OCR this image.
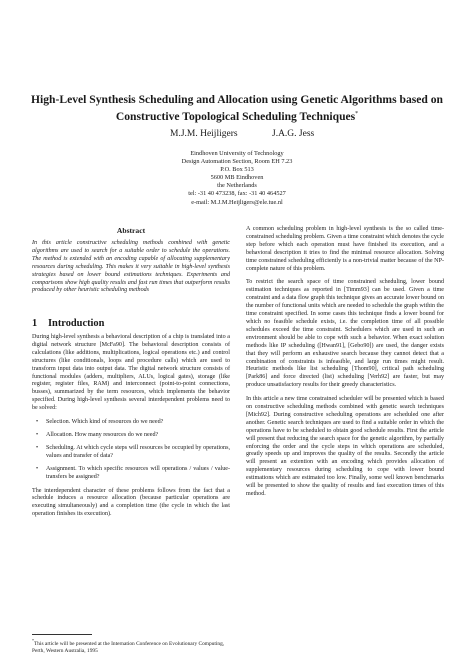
High-Level Synthesis Scheduling and Allocation using Genetic Algorithms based on Constructive Topological Scheduling Techniques*
M.J.M. Heijligers	J.A.G. Jess
Eindhoven University of Technology
Design Automation Section, Room EH 7.23
P.O. Box 513
5600 MB Eindhoven
the Netherlands
tel: -31 40 473238, fax: -31 40 464527
e-mail: M.J.M.Heijligers@ele.tue.nl
Abstract
In this article constructive scheduling methods combined with genetic algorithms are used to search for a suitable order to schedule the operations. The method is extended with an encoding capable of allocating supplementary resources during scheduling. This makes it very suitable in high-level synthesis strategies based on lower bound estimations techniques. Experiments and comparisons show high quality results and fast run times that outperform results produced by other heuristic scheduling methods
1 Introduction

During high-level synthesis a behavioral description of a chip is translated into a digital network structure [McFa90]. The behavioral description consists of calculations (like additions, multiplications, logical operations etc.) and control structures (like conditionals, loops and procedure calls) which are used to transform input data into output data. The digital network structure consists of functional modules (adders, multipliers, ALUs, logical gates), storage (like register, register files, RAM) and interconnect (point-to-point connections, busses), summarized by the term resources, which implements the behavior specified. During high-level synthesis several interdependent problems need to be solved:

• Selection. Which kind of resources do we need?
• Allocation. How many resources do we need?
• Scheduling. At which cycle steps will resources be occupied by operations, values and transfer of data?
• Assignment. To which specific resources will operations / values / value-transfers be assigned?

The interdependent character of these problems follows from the fact that a schedule induces a resource allocation (because particular operations are executing simultaneously) and a completion time (the cycle in which the last operation finishes its execution).

*This article will be presented at the Internation Conference on Evolutionary Computing, Perth, Western Australia, 1995

A common scheduling problem in high-level synthesis is the so called time-constrained scheduling problem. Given a time constraint which denotes the cycle step before which each operation must have finished its execution, and a behavioral description it tries to find the minimal resource allocation. Solving time constrained scheduling efficiently is a non-trivial matter because of the NP-complete nature of this problem.

To restrict the search space of time constrained scheduling, lower bound estimation techniques as reported in [Timm93] can be used. Given a time constraint and a data flow graph this technique gives an accurate lower bound on the number of functional units which are needed to schedule the graph within the time constraint specified. In some cases this technique finds a lower bound for which no feasible schedule exists, i.e. the completion time of all possible schedules exceed the time constraint. Schedulers which are used in such an environment should be able to cope with such a behavior. When exact solution methods like IP scheduling ([Hwan91], [Gebo90]) are used, the danger exists that they will perform an exhaustive search because they cannot detect that a combination of constraints is infeasible, and large run times might result. Heuristic methods like list scheduling [Thom90], critical path scheduling [Park86] and force directed (list) scheduling [Verh92] are faster, but may produce unsatisfactory results for their greedy characteristics.

In this article a new time constrained scheduler will be presented which is based on constructive scheduling methods combined with genetic search techniques [Mich92]. During constructive scheduling operations are scheduled one after another. Genetic search techniques are used to find a suitable order in which the operations have to be scheduled to obtain good schedule results. First the article will present that reducing the search space for the genetic algorithm, by partially enforcing the order and the cycle steps in which operations are scheduled, greatly speeds up and improves the quality of the results. Secondly the article will present an extention with an encoding which provides allocation of supplementary resources during scheduling to cope with lower bound estimations which are estimated too low. Finally, some well known benchmarks will be presented to show the quality of results and fast execution times of this method.
